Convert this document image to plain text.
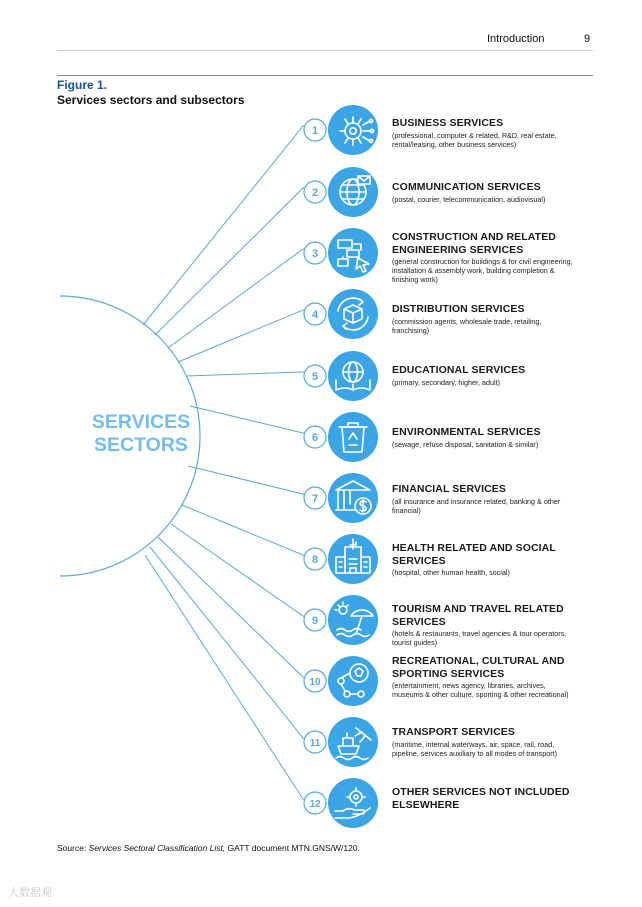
Introduction	9
Figure 1.
Services sectors and subsectors
SERVICES
SECTORS
1
2
3
4
5
6
7
8
9
10
11
12
BUSINESS SERVICES
(professional, computer & related, R&D, real estate, rental/leasing, other business services)
COMMUNICATION SERVICES
(postal, courier, telecommunication, audiovisual)
CONSTRUCTION AND RELATED ENGINEERING SERVICES
(general construction for buildings & for civil engineering, installation & assembly work, building completion & finishing work)
DISTRIBUTION SERVICES
(commission agents, wholesale trade, retailing, franchising)
EDUCATIONAL SERVICES
(primary, secondary, higher, adult)
ENVIRONMENTAL SERVICES
(sewage, refuse disposal, sanitation & similar)
FINANCIAL SERVICES
(all insurance and insurance related, banking & other financial)
HEALTH RELATED AND SOCIAL SERVICES
(hospital, other human health, social)
TOURISM AND TRAVEL RELATED SERVICES
(hotels & restaurants, travel agencies & tour operators, tourist guides)
RECREATIONAL, CULTURAL AND SPORTING SERVICES
(entertainment, news agency, libraries, archives, museums & other culture, sporting & other recreational)
TRANSPORT SERVICES
(maritime, internal waterways, air, space, rail, road, pipeline, services auxiliary to all modes of transport)
OTHER SERVICES NOT INCLUDED ELSEWHERE
Source: Services Sectoral Classification List, GATT document MTN.GNS/W/120.
大数据观
